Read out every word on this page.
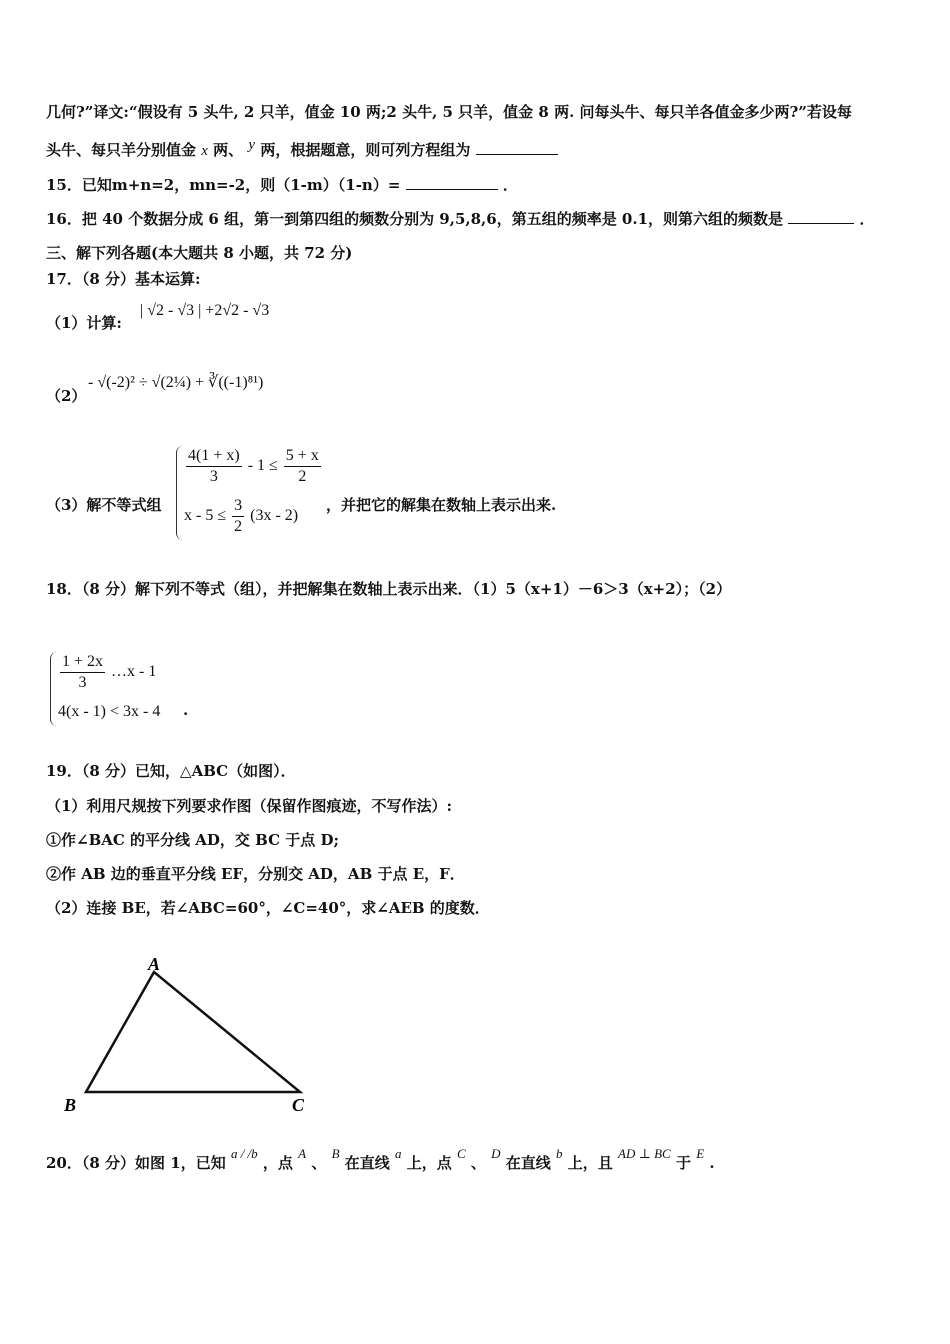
几何?”译文:“假设有 5 头牛, 2 只羊，值金 10 两;2 头牛, 5 只羊，值金 8 两. 问每头牛、每只羊各值金多少两?”若设每
头牛、每只羊分别值金 x 两、 y 两，根据题意，则可列方程组为
15．已知m+n=2，mn=-2，则（1-m）（1-n）=	．
16．把 40 个数据分成 6 组，第一到第四组的频数分别为 9,5,8,6，第五组的频率是 0.1，则第六组的频数是	．
三、解下列各题(本大题共 8 小题，共 72 分)
17．（8 分）基本运算:
（1）计算:
| √2 - √3 | +2√2 - √3
（2）
- √(-2)² ÷ √(2¼) + ∛((-1)⁸¹)
（3）解不等式组
$\frac{4(1 + x)}{3} - 1 \le \frac{5 + x}{2}$
$x - 5 \le \frac{3}{2} (3x - 2)$
，并把它的解集在数轴上表示出来.
18．（8 分）解下列不等式（组），并把解集在数轴上表示出来．（1）5（x+1）－6＞3（x+2）；（2）
$\frac{1 + 2x}{3}$ …x - 1
4(x - 1) < 3x - 4 .
19．（8 分）已知，△ABC（如图）．
（1）利用尺规按下列要求作图（保留作图痕迹，不写作法）:
①作∠BAC 的平分线 AD，交 BC 于点 D;
②作 AB 边的垂直平分线 EF，分别交 AD，AB 于点 E，F．
（2）连接 BE，若∠ABC=60°，∠C=40°，求∠AEB 的度数．
A
B	C
20．（8 分）如图 1，已知 a / /b ，点 A 、 B 在直线 a 上，点 C 、 D 在直线 b 上，且 AD ⊥ BC 于 E .
